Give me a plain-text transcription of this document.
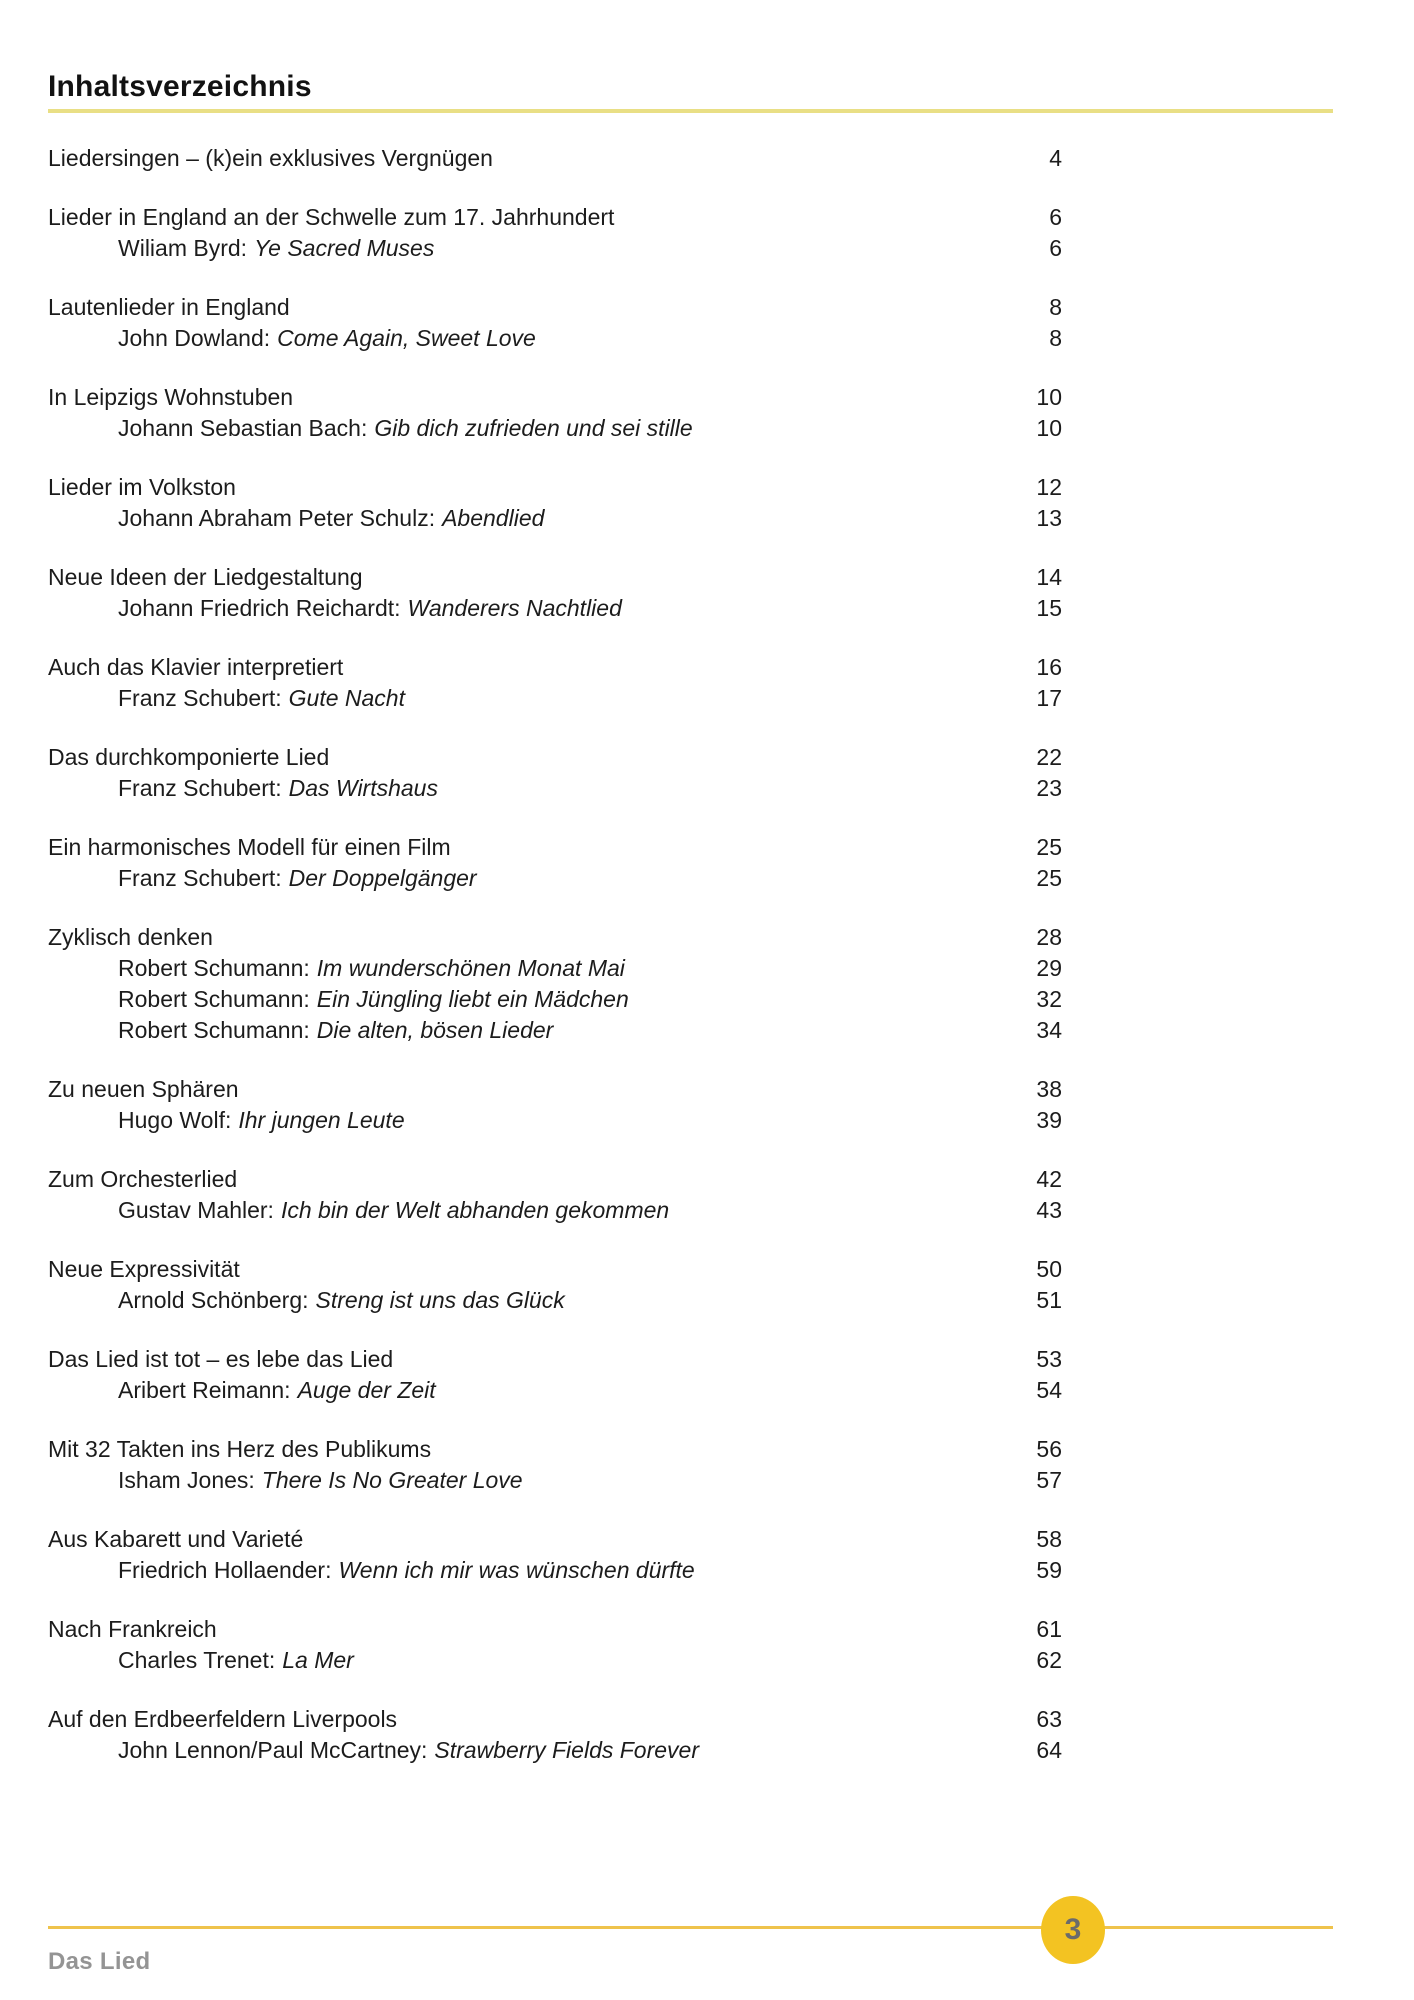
Inhaltsverzeichnis
Liedersingen – (k)ein exklusives Vergnügen	4
Lieder in England an der Schwelle zum 17. Jahrhundert	6
Wiliam Byrd: Ye Sacred Muses	6
Lautenlieder in England	8
John Dowland: Come Again, Sweet Love	8
In Leipzigs Wohnstuben	10
Johann Sebastian Bach: Gib dich zufrieden und sei stille	10
Lieder im Volkston	12
Johann Abraham Peter Schulz: Abendlied	13
Neue Ideen der Liedgestaltung	14
Johann Friedrich Reichardt: Wanderers Nachtlied	15
Auch das Klavier interpretiert	16
Franz Schubert: Gute Nacht	17
Das durchkomponierte Lied	22
Franz Schubert: Das Wirtshaus	23
Ein harmonisches Modell für einen Film	25
Franz Schubert: Der Doppelgänger	25
Zyklisch denken	28
Robert Schumann: Im wunderschönen Monat Mai	29
Robert Schumann: Ein Jüngling liebt ein Mädchen	32
Robert Schumann: Die alten, bösen Lieder	34
Zu neuen Sphären	38
Hugo Wolf: Ihr jungen Leute	39
Zum Orchesterlied	42
Gustav Mahler: Ich bin der Welt abhanden gekommen	43
Neue Expressivität	50
Arnold Schönberg: Streng ist uns das Glück	51
Das Lied ist tot – es lebe das Lied	53
Aribert Reimann: Auge der Zeit	54
Mit 32 Takten ins Herz des Publikums	56
Isham Jones: There Is No Greater Love	57
Aus Kabarett und Varieté	58
Friedrich Hollaender: Wenn ich mir was wünschen dürfte	59
Nach Frankreich	61
Charles Trenet: La Mer	62
Auf den Erdbeerfeldern Liverpools	63
John Lennon/Paul McCartney: Strawberry Fields Forever	64
3
Das Lied
